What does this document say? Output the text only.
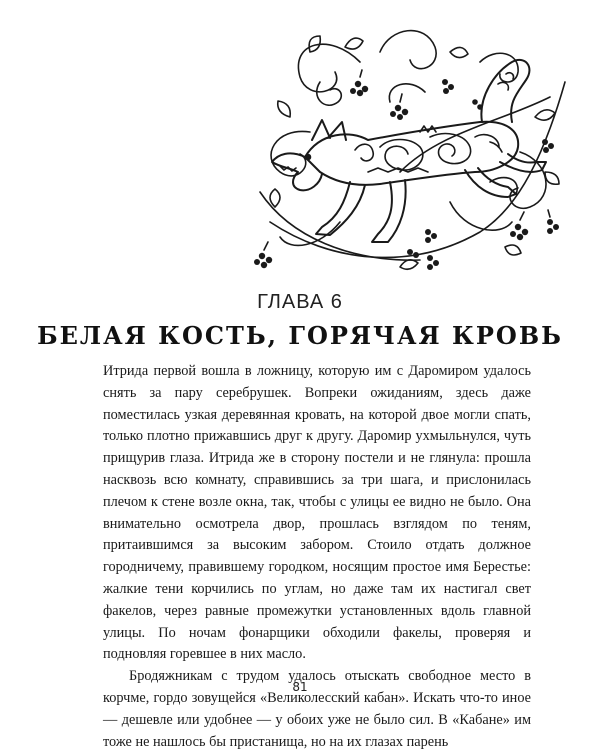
ГЛАВА 6
БЕЛАЯ КОСТЬ, ГОРЯЧАЯ КРОВЬ

Итрида первой вошла в ложницу, которую им с Даромиром удалось снять за пару серебрушек. Вопреки ожиданиям, здесь даже поместилась узкая деревянная кровать, на которой двое могли спать, только плотно прижавшись друг к другу. Даромир ухмыльнулся, чуть прищурив глаза. Итрида же в сторону постели и не глянула: прошла насквозь всю комнату, справившись за три шага, и прислонилась плечом к стене возле окна, так, чтобы с улицы ее видно не было. Она внимательно осмотрела двор, прошлась взглядом по теням, притаившимся за высоким забором. Стоило отдать должное городничему, правившему городком, носящим простое имя Берестье: жалкие тени корчились по углам, но даже там их настигал свет факелов, через равные промежутки установленных вдоль главной улицы. По ночам фонарщики обходили факелы, проверяя и подновляя горевшее в них масло.

Бродяжникам с трудом удалось отыскать свободное место в корчме, гордо зовущейся «Великолесский кабан». Искать что-то иное — дешевле или удобнее — у обоих уже не было сил. В «Кабане» им тоже не нашлось бы пристанища, но на их глазах парень

81
